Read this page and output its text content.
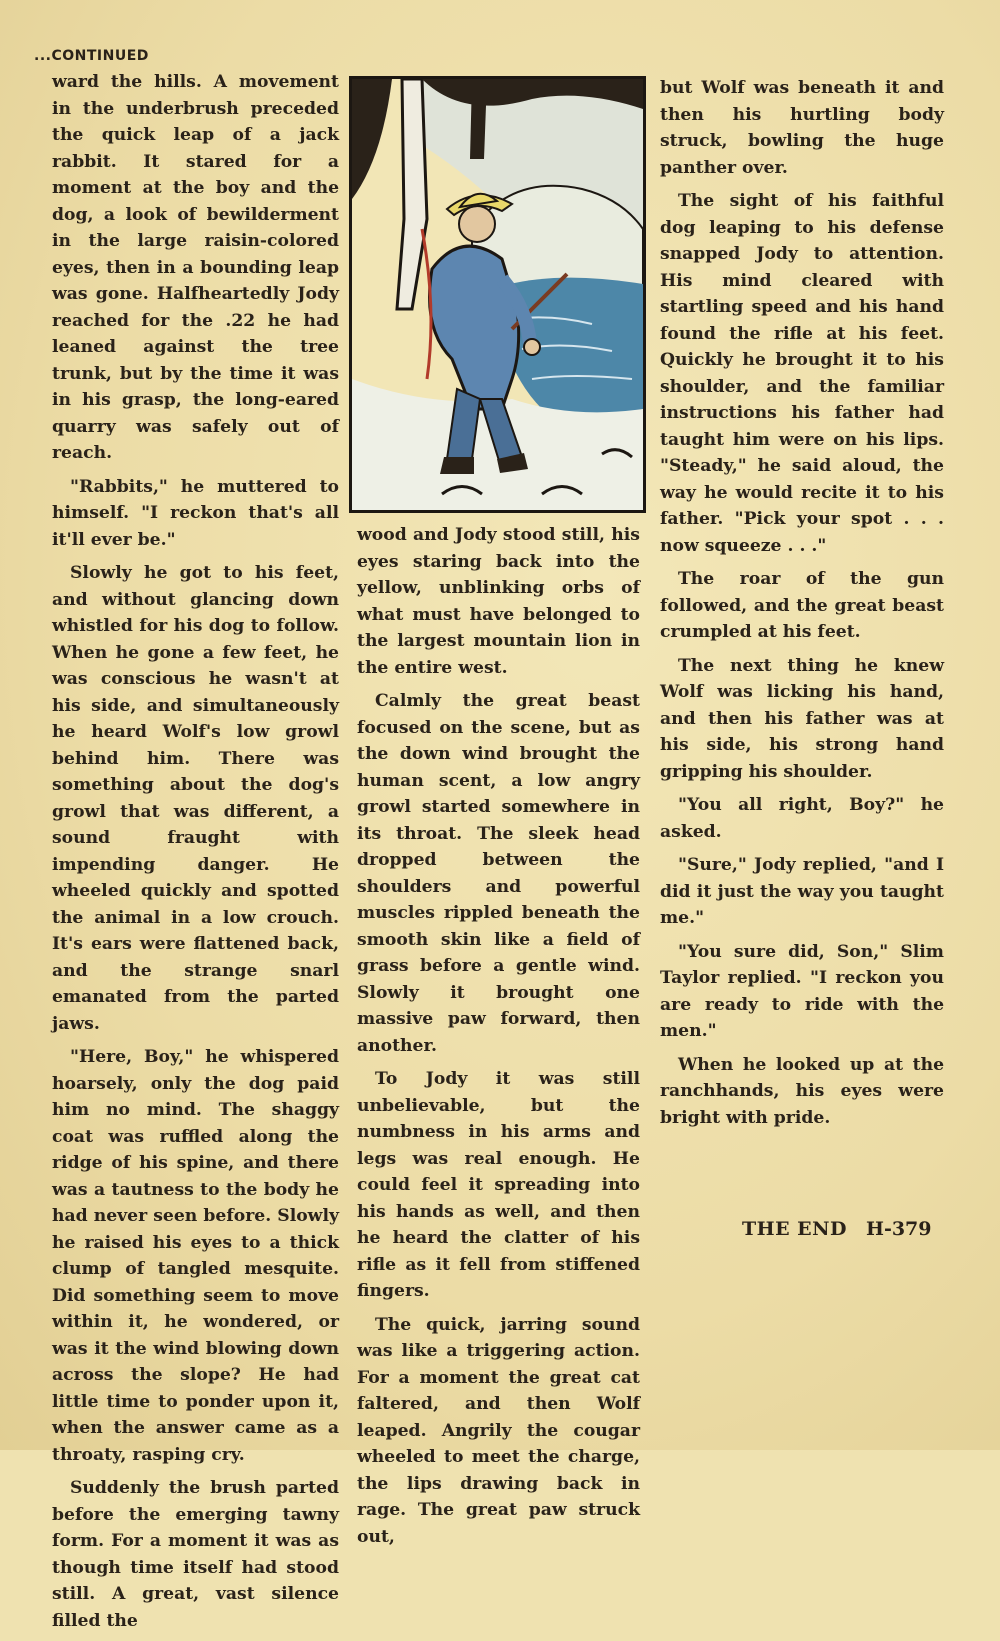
...CONTINUED

ward the hills. A movement in the underbrush preceded the quick leap of a jack rabbit. It stared for a moment at the boy and the dog, a look of bewilderment in the large raisin-colored eyes, then in a bounding leap was gone. Halfheartedly Jody reached for the .22 he had leaned against the tree trunk, but by the time it was in his grasp, the long-eared quarry was safely out of reach.

"Rabbits," he muttered to himself. "I reckon that's all it'll ever be."

Slowly he got to his feet, and without glancing down whistled for his dog to follow. When he gone a few feet, he was conscious he wasn't at his side, and simultaneously he heard Wolf's low growl behind him. There was something about the dog's growl that was different, a sound fraught with impending danger. He wheeled quickly and spotted the animal in a low crouch. It's ears were flattened back, and the strange snarl emanated from the parted jaws.

"Here, Boy," he whispered hoarsely, only the dog paid him no mind. The shaggy coat was ruffled along the ridge of his spine, and there was a tautness to the body he had never seen before. Slowly he raised his eyes to a thick clump of tangled mesquite. Did something seem to move within it, he wondered, or was it the wind blowing down across the slope? He had little time to ponder upon it, when the answer came as a throaty, rasping cry.

Suddenly the brush parted before the emerging tawny form. For a moment it was as though time itself had stood still. A great, vast silence filled the

wood and Jody stood still, his eyes staring back into the yellow, unblinking orbs of what must have belonged to the largest mountain lion in the entire west.

Calmly the great beast focused on the scene, but as the down wind brought the human scent, a low angry growl started somewhere in its throat. The sleek head dropped between the shoulders and powerful muscles rippled beneath the smooth skin like a field of grass before a gentle wind. Slowly it brought one massive paw forward, then another.

To Jody it was still unbelievable, but the numbness in his arms and legs was real enough. He could feel it spreading into his hands as well, and then he heard the clatter of his rifle as it fell from stiffened fingers.

The quick, jarring sound was like a triggering action. For a moment the great cat faltered, and then Wolf leaped. Angrily the cougar wheeled to meet the charge, the lips drawing back in rage. The great paw struck out,

but Wolf was beneath it and then his hurtling body struck, bowling the huge panther over.

The sight of his faithful dog leaping to his defense snapped Jody to attention. His mind cleared with startling speed and his hand found the rifle at his feet. Quickly he brought it to his shoulder, and the familiar instructions his father had taught him were on his lips. "Steady," he said aloud, the way he would recite it to his father. "Pick your spot . . . now squeeze . . ."

The roar of the gun followed, and the great beast crumpled at his feet.

The next thing he knew Wolf was licking his hand, and then his father was at his side, his strong hand gripping his shoulder.

"You all right, Boy?" he asked.

"Sure," Jody replied, "and I did it just the way you taught me."

"You sure did, Son," Slim Taylor replied. "I reckon you are ready to ride with the men."

When he looked up at the ranchhands, his eyes were bright with pride.

THE END H-379
